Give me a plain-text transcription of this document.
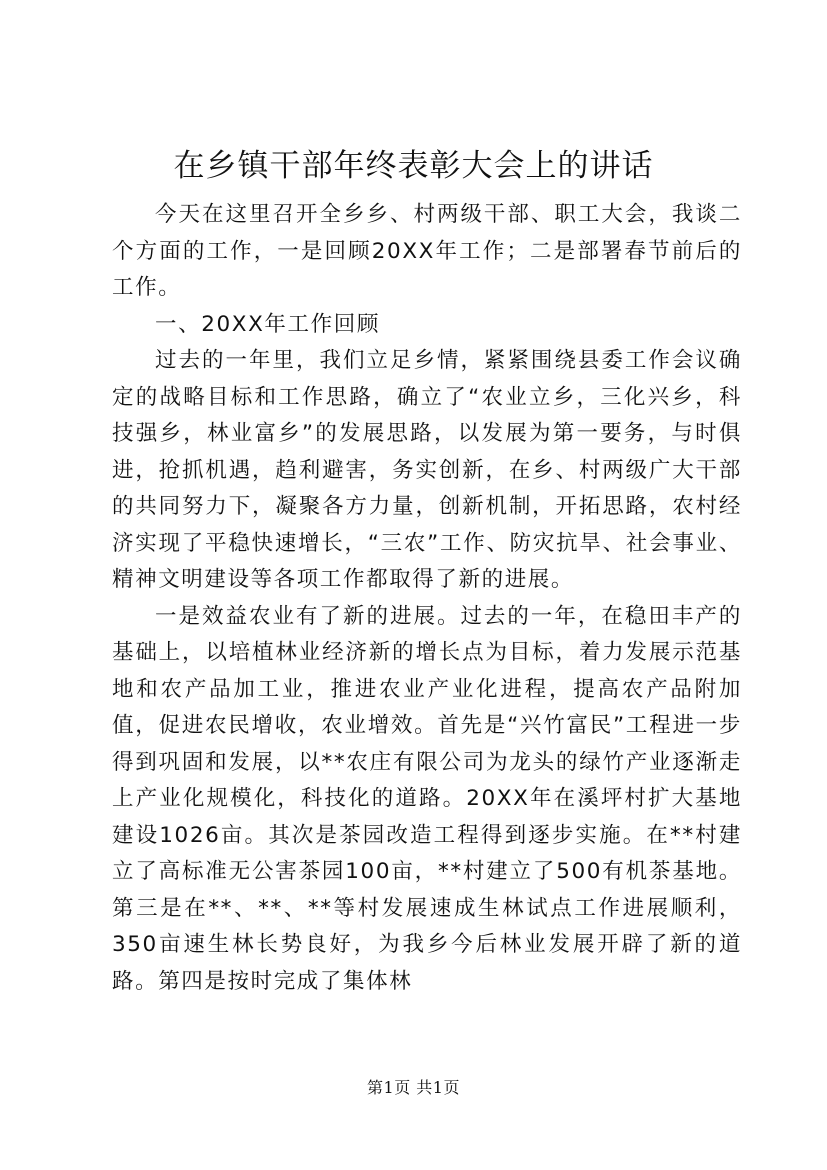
在乡镇干部年终表彰大会上的讲话

今天在这里召开全乡乡、村两级干部、职工大会，我谈二个方面的工作，一是回顾20XX年工作；二是部署春节前后的工作。

一、20XX年工作回顾

过去的一年里，我们立足乡情，紧紧围绕县委工作会议确定的战略目标和工作思路，确立了“农业立乡，三化兴乡，科技强乡，林业富乡”的发展思路，以发展为第一要务，与时俱进，抢抓机遇，趋利避害，务实创新，在乡、村两级广大干部的共同努力下，凝聚各方力量，创新机制，开拓思路，农村经济实现了平稳快速增长，“三农”工作、防灾抗旱、社会事业、精神文明建设等各项工作都取得了新的进展。

一是效益农业有了新的进展。过去的一年，在稳田丰产的基础上，以培植林业经济新的增长点为目标，着力发展示范基地和农产品加工业，推进农业产业化进程，提高农产品附加值，促进农民增收，农业增效。首先是“兴竹富民”工程进一步得到巩固和发展，以**农庄有限公司为龙头的绿竹产业逐渐走上产业化规模化，科技化的道路。20XX年在溪坪村扩大基地建设1026亩。其次是茶园改造工程得到逐步实施。在**村建立了高标准无公害茶园100亩，**村建立了500有机茶基地。第三是在**、**、**等村发展速成生林试点工作进展顺利，350亩速生林长势良好，为我乡今后林业发展开辟了新的道路。第四是按时完成了集体林

第1页 共1页
